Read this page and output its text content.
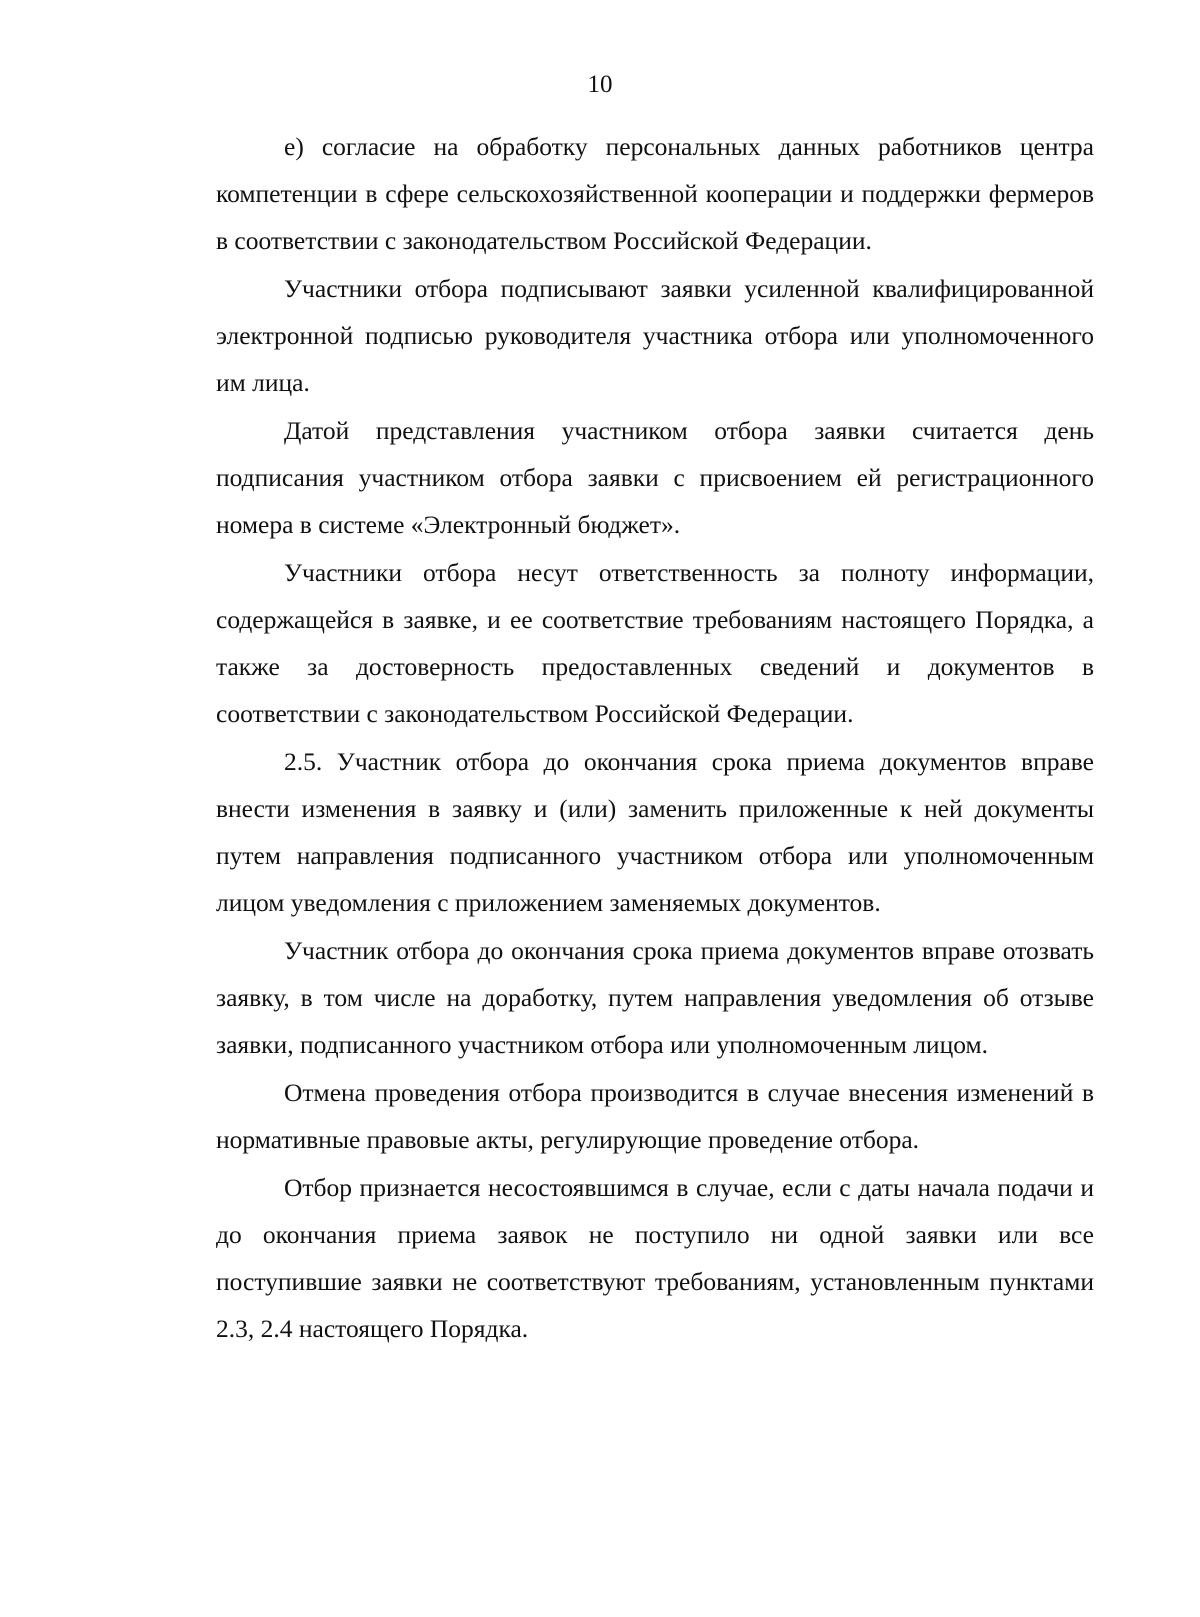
10

е) согласие на обработку персональных данных работников центра компетенции в сфере сельскохозяйственной кооперации и поддержки фермеров в соответствии с законодательством Российской Федерации.

Участники отбора подписывают заявки усиленной квалифицированной электронной подписью руководителя участника отбора или уполномоченного им лица.

Датой представления участником отбора заявки считается день подписания участником отбора заявки с присвоением ей регистрационного номера в системе «Электронный бюджет».

Участники отбора несут ответственность за полноту информации, содержащейся в заявке, и ее соответствие требованиям настоящего Порядка, а также за достоверность предоставленных сведений и документов в соответствии с законодательством Российской Федерации.

2.5. Участник отбора до окончания срока приема документов вправе внести изменения в заявку и (или) заменить приложенные к ней документы путем направления подписанного участником отбора или уполномоченным лицом уведомления с приложением заменяемых документов.

Участник отбора до окончания срока приема документов вправе отозвать заявку, в том числе на доработку, путем направления уведомления об отзыве заявки, подписанного участником отбора или уполномоченным лицом.

Отмена проведения отбора производится в случае внесения изменений в нормативные правовые акты, регулирующие проведение отбора.

Отбор признается несостоявшимся в случае, если с даты начала подачи и до окончания приема заявок не поступило ни одной заявки или все поступившие заявки не соответствуют требованиям, установленным пунктами 2.3, 2.4 настоящего Порядка.
